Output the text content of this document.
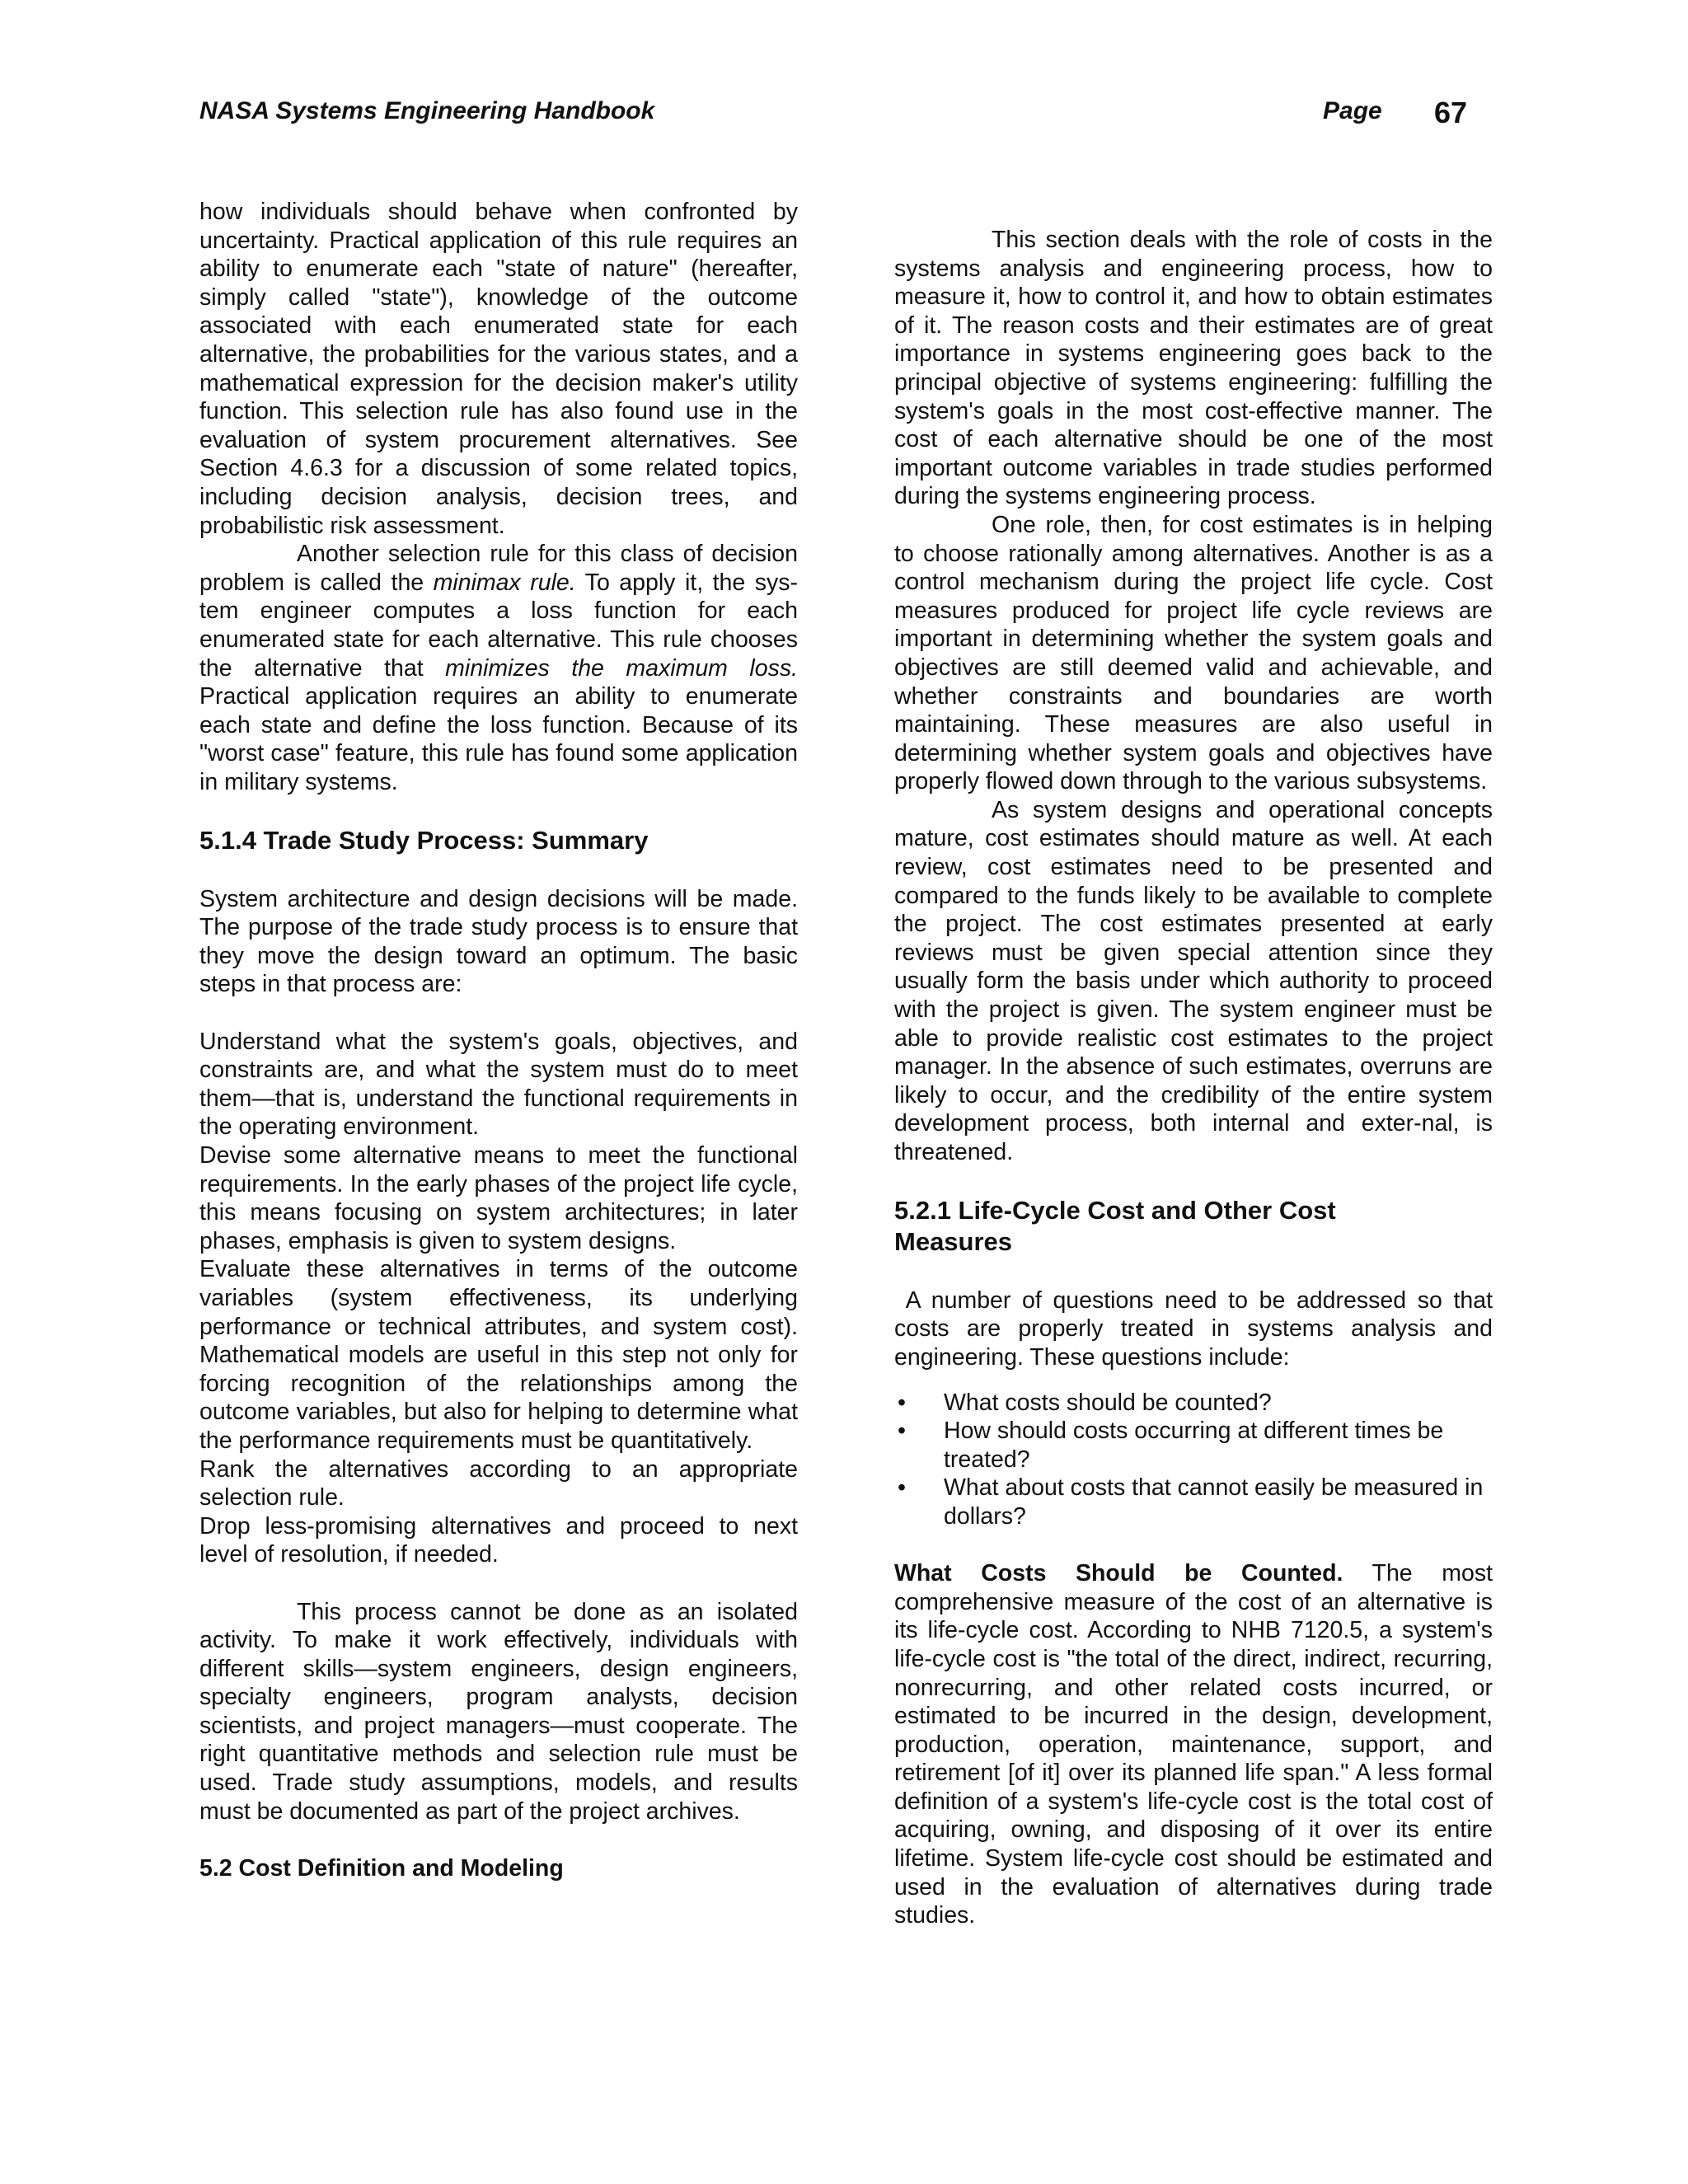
NASA Systems Engineering Handbook	Page 67

how individuals should behave when confronted by uncertainty. Practical application of this rule requires an ability to enumerate each "state of nature" (hereafter, simply called "state"), knowledge of the outcome associated with each enumerated state for each alternative, the probabilities for the various states, and a mathematical expression for the decision maker's utility function. This selection rule has also found use in the evaluation of system procurement alternatives. See Section 4.6.3 for a discussion of some related topics, including decision analysis, decision trees, and probabilistic risk assessment.

Another selection rule for this class of decision problem is called the minimax rule. To apply it, the sys-tem engineer computes a loss function for each enumerated state for each alternative. This rule chooses the alternative that minimizes the maximum loss. Practical application requires an ability to enumerate each state and define the loss function. Because of its "worst case" feature, this rule has found some application in military systems.

5.1.4 Trade Study Process: Summary

System architecture and design decisions will be made. The purpose of the trade study process is to ensure that they move the design toward an optimum. The basic steps in that process are:

Understand what the system's goals, objectives, and constraints are, and what the system must do to meet them—that is, understand the functional requirements in the operating environment.

Devise some alternative means to meet the functional requirements. In the early phases of the project life cycle, this means focusing on system architectures; in later phases, emphasis is given to system designs.

Evaluate these alternatives in terms of the outcome variables (system effectiveness, its underlying performance or technical attributes, and system cost). Mathematical models are useful in this step not only for forcing recognition of the relationships among the outcome variables, but also for helping to determine what the performance requirements must be quantitatively.

Rank the alternatives according to an appropriate selection rule.

Drop less-promising alternatives and proceed to next level of resolution, if needed.

This process cannot be done as an isolated activity. To make it work effectively, individuals with different skills—system engineers, design engineers, specialty engineers, program analysts, decision scientists, and project managers—must cooperate. The right quantitative methods and selection rule must be used. Trade study assumptions, models, and results must be documented as part of the project archives.

5.2 Cost Definition and Modeling

This section deals with the role of costs in the systems analysis and engineering process, how to measure it, how to control it, and how to obtain estimates of it. The reason costs and their estimates are of great importance in systems engineering goes back to the principal objective of systems engineering: fulfilling the system's goals in the most cost-effective manner. The cost of each alternative should be one of the most important outcome variables in trade studies performed during the systems engineering process.

One role, then, for cost estimates is in helping to choose rationally among alternatives. Another is as a control mechanism during the project life cycle. Cost measures produced for project life cycle reviews are important in determining whether the system goals and objectives are still deemed valid and achievable, and whether constraints and boundaries are worth maintaining. These measures are also useful in determining whether system goals and objectives have properly flowed down through to the various subsystems.

As system designs and operational concepts mature, cost estimates should mature as well. At each review, cost estimates need to be presented and compared to the funds likely to be available to complete the project. The cost estimates presented at early reviews must be given special attention since they usually form the basis under which authority to proceed with the project is given. The system engineer must be able to provide realistic cost estimates to the project manager. In the absence of such estimates, overruns are likely to occur, and the credibility of the entire system development process, both internal and exter-nal, is threatened.

5.2.1 Life-Cycle Cost and Other Cost
Measures

A number of questions need to be addressed so that costs are properly treated in systems analysis and engineering. These questions include:

• What costs should be counted?
• How should costs occurring at different times be treated?
• What about costs that cannot easily be measured in dollars?

What Costs Should be Counted. The most comprehensive measure of the cost of an alternative is its life-cycle cost. According to NHB 7120.5, a system's life-cycle cost is "the total of the direct, indirect, recurring, nonrecurring, and other related costs incurred, or estimated to be incurred in the design, development, production, operation, maintenance, support, and retirement [of it] over its planned life span." A less formal definition of a system's life-cycle cost is the total cost of acquiring, owning, and disposing of it over its entire lifetime. System life-cycle cost should be estimated and used in the evaluation of alternatives during trade studies.
